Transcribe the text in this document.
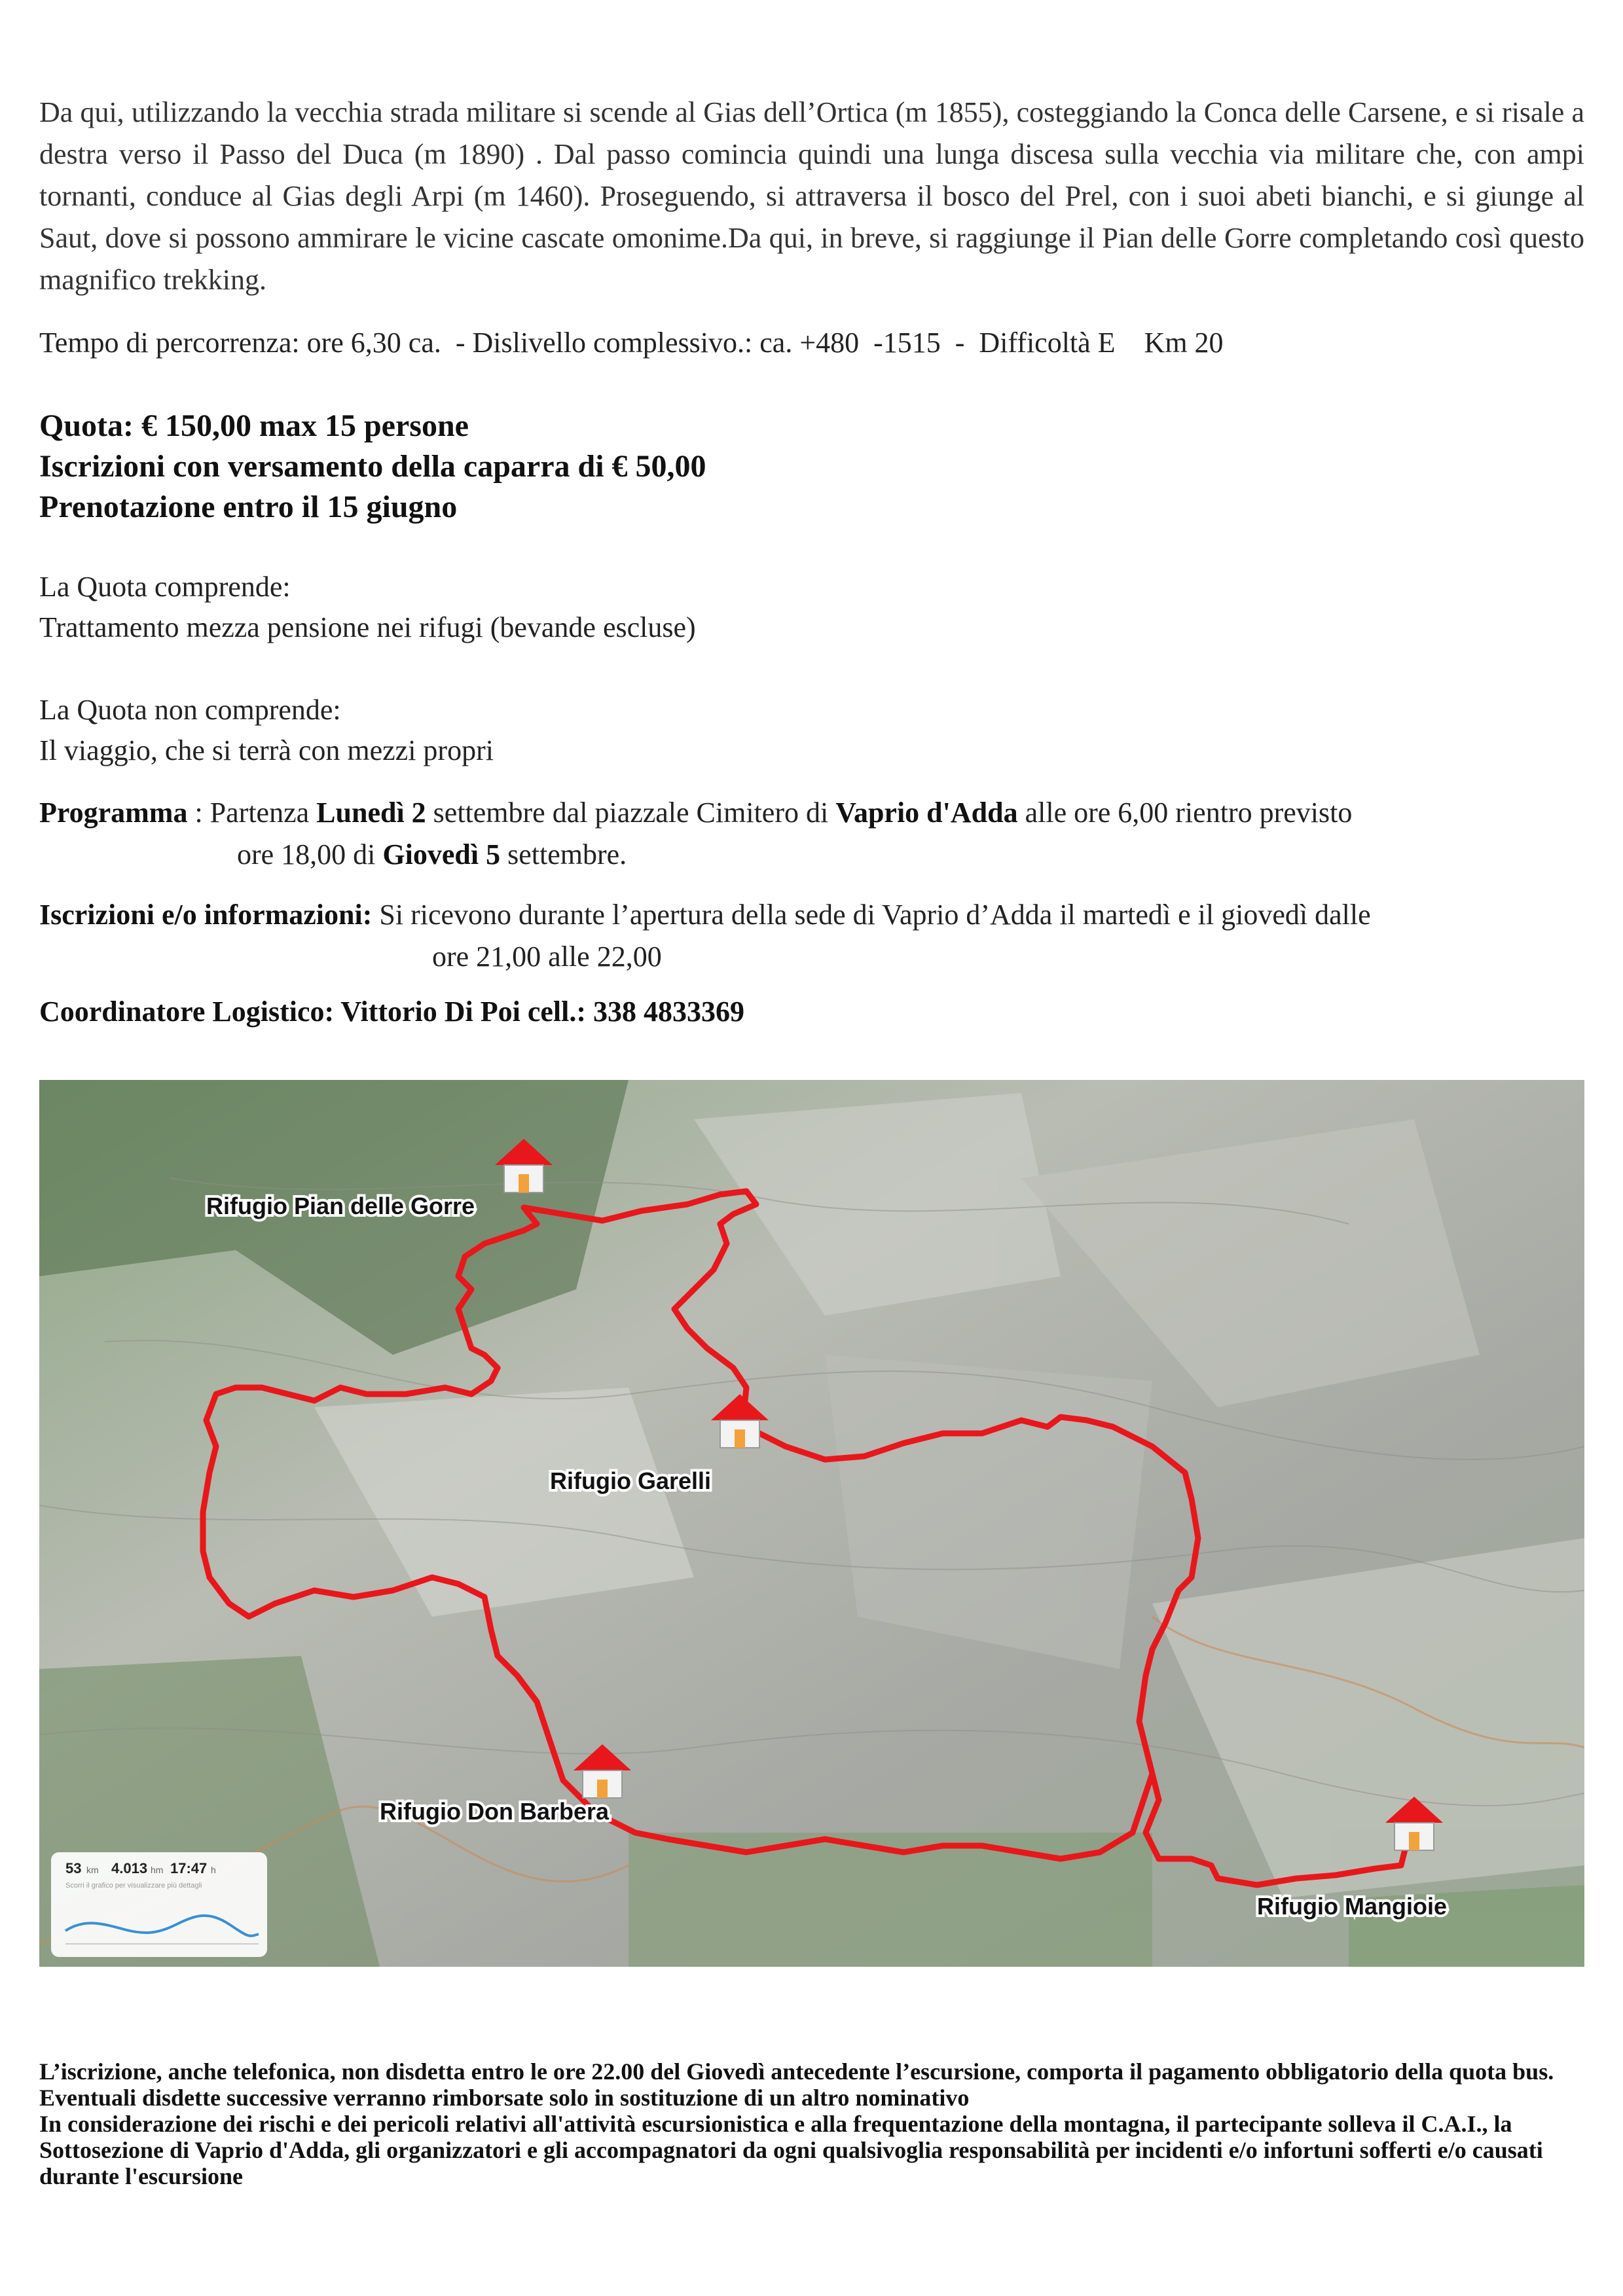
Da qui, utilizzando la vecchia strada militare si scende al Gias dell’Ortica (m 1855), costeggiando la Conca delle Carsene, e si risale a destra verso il Passo del Duca (m 1890) . Dal passo comincia quindi una lunga discesa sulla vecchia via militare che, con ampi tornanti, conduce al Gias degli Arpi (m 1460). Proseguendo, si attraversa il bosco del Prel, con i suoi abeti bianchi, e si giunge al Saut, dove si possono ammirare le vicine cascate omonime.Da qui, in breve, si raggiunge il Pian delle Gorre completando così questo magnifico trekking.
Tempo di percorrenza: ore 6,30 ca.  - Dislivello complessivo.: ca. +480  -1515  -  Difficoltà E    Km 20
Quota: € 150,00 max 15 persone
Iscrizioni con versamento della caparra di € 50,00
Prenotazione entro il 15 giugno
La Quota comprende:
Trattamento mezza pensione nei rifugi (bevande escluse)
La Quota non comprende:
Il viaggio, che si terrà con mezzi propri
Programma : Partenza Lunedì 2 settembre dal piazzale Cimitero di Vaprio d'Adda alle ore 6,00 rientro previsto
ore 18,00 di Giovedì 5 settembre.
Iscrizioni e/o informazioni: Si ricevono durante l’apertura della sede di Vaprio d’Adda il martedì e il giovedì dalle
ore 21,00 alle 22,00
Coordinatore Logistico: Vittorio Di Poi cell.: 338 4833369
Rifugio Pian delle Gorre
Rifugio Garelli
Rifugio Don Barbera
Rifugio Mangioie
53 km 4.013 hm 17:47 h
Scorri il grafico per visualizzare più dettagli
L’iscrizione, anche telefonica, non disdetta entro le ore 22.00 del Giovedì antecedente l’escursione, comporta il pagamento obbligatorio della quota bus. Eventuali disdette successive verranno rimborsate solo in sostituzione di un altro nominativo
In considerazione dei rischi e dei pericoli relativi all'attività escursionistica e alla frequentazione della montagna, il partecipante solleva il C.A.I., la Sottosezione di Vaprio d'Adda, gli organizzatori e gli accompagnatori da ogni qualsivoglia responsabilità per incidenti e/o infortuni sofferti e/o causati durante l'escursione
